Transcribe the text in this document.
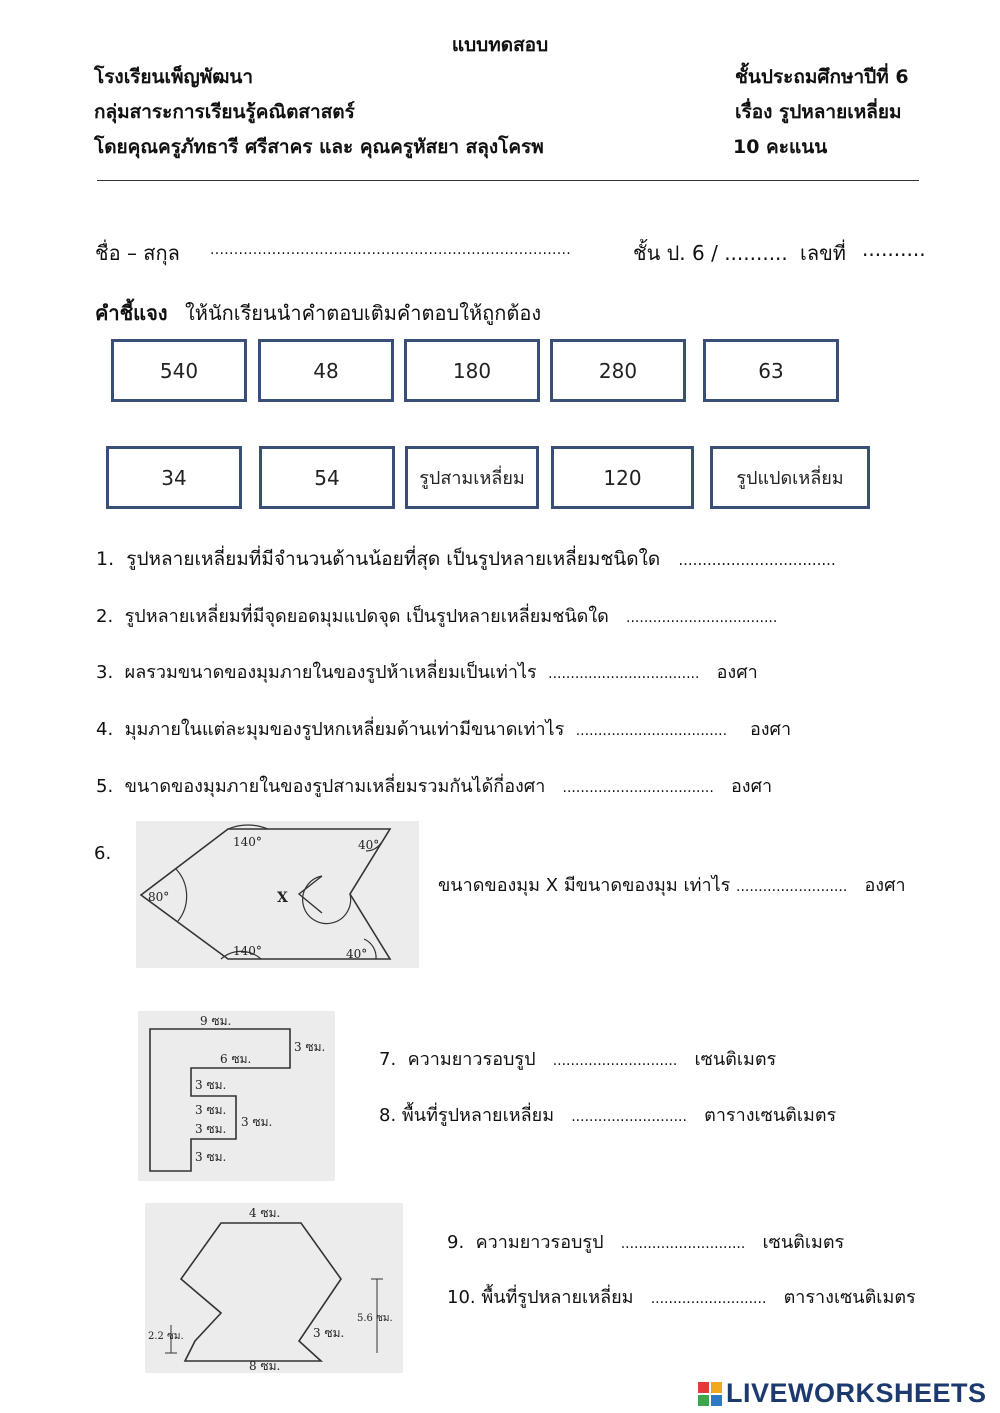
แบบทดสอบ
โรงเรียนเพ็ญพัฒนา	ชั้นประถมศึกษาปีที่ 6
กลุ่มสาระการเรียนรู้คณิตสาสตร์	เรื่อง รูปหลายเหลี่ยม
โดยคุณครูภัทธารี ศรีสาคร และ คุณครูหัสยา สลุงโครพ	10 คะแนน
ชื่อ – สกุล ............................................................................	ชั้น ป. 6 / .......... เลขที่ ..........
คำชี้แจง ให้นักเรียนนำคำตอบเติมคำตอบให้ถูกต้อง
540	48	180	280	63
34	54	รูปสามเหลี่ยม	120	รูปแปดเหลี่ยม
1. รูปหลายเหลี่ยมที่มีจำนวนด้านน้อยที่สุด เป็นรูปหลายเหลี่ยมชนิดใด .................................
2. รูปหลายเหลี่ยมที่มีจุดยอดมุมแปดจุด เป็นรูปหลายเหลี่ยมชนิดใด ..................................
3. ผลรวมขนาดของมุมภายในของรูปห้าเหลี่ยมเป็นเท่าไร .................................. องศา
4. มุมภายในแต่ละมุมของรูปหกเหลี่ยมด้านเท่ามีขนาดเท่าไร .................................. องศา
5. ขนาดของมุมภายในของรูปสามเหลี่ยมรวมกันได้กี่องศา .................................. องศา
6.
140°	40°
80°
140°	40°
X
ขนาดของมุม X มีขนาดของมุม เท่าไร ......................... องศา
9 ซม.
3 ซม.
6 ซม.
3 ซม.
3 ซม.
3 ซม. 3 ซม.
3 ซม.
7. ความยาวรอบรูป ............................ เซนติเมตร
8. พื้นที่รูปหลายเหลี่ยม .......................... ตารางเซนติเมตร
4 ซม.
5.6 ซม.
2.2 ซม.	3 ซม.
8 ซม.
9. ความยาวรอบรูป ............................ เซนติเมตร
10. พื้นที่รูปหลายเหลี่ยม .......................... ตารางเซนติเมตร
LIVEWORKSHEETS
